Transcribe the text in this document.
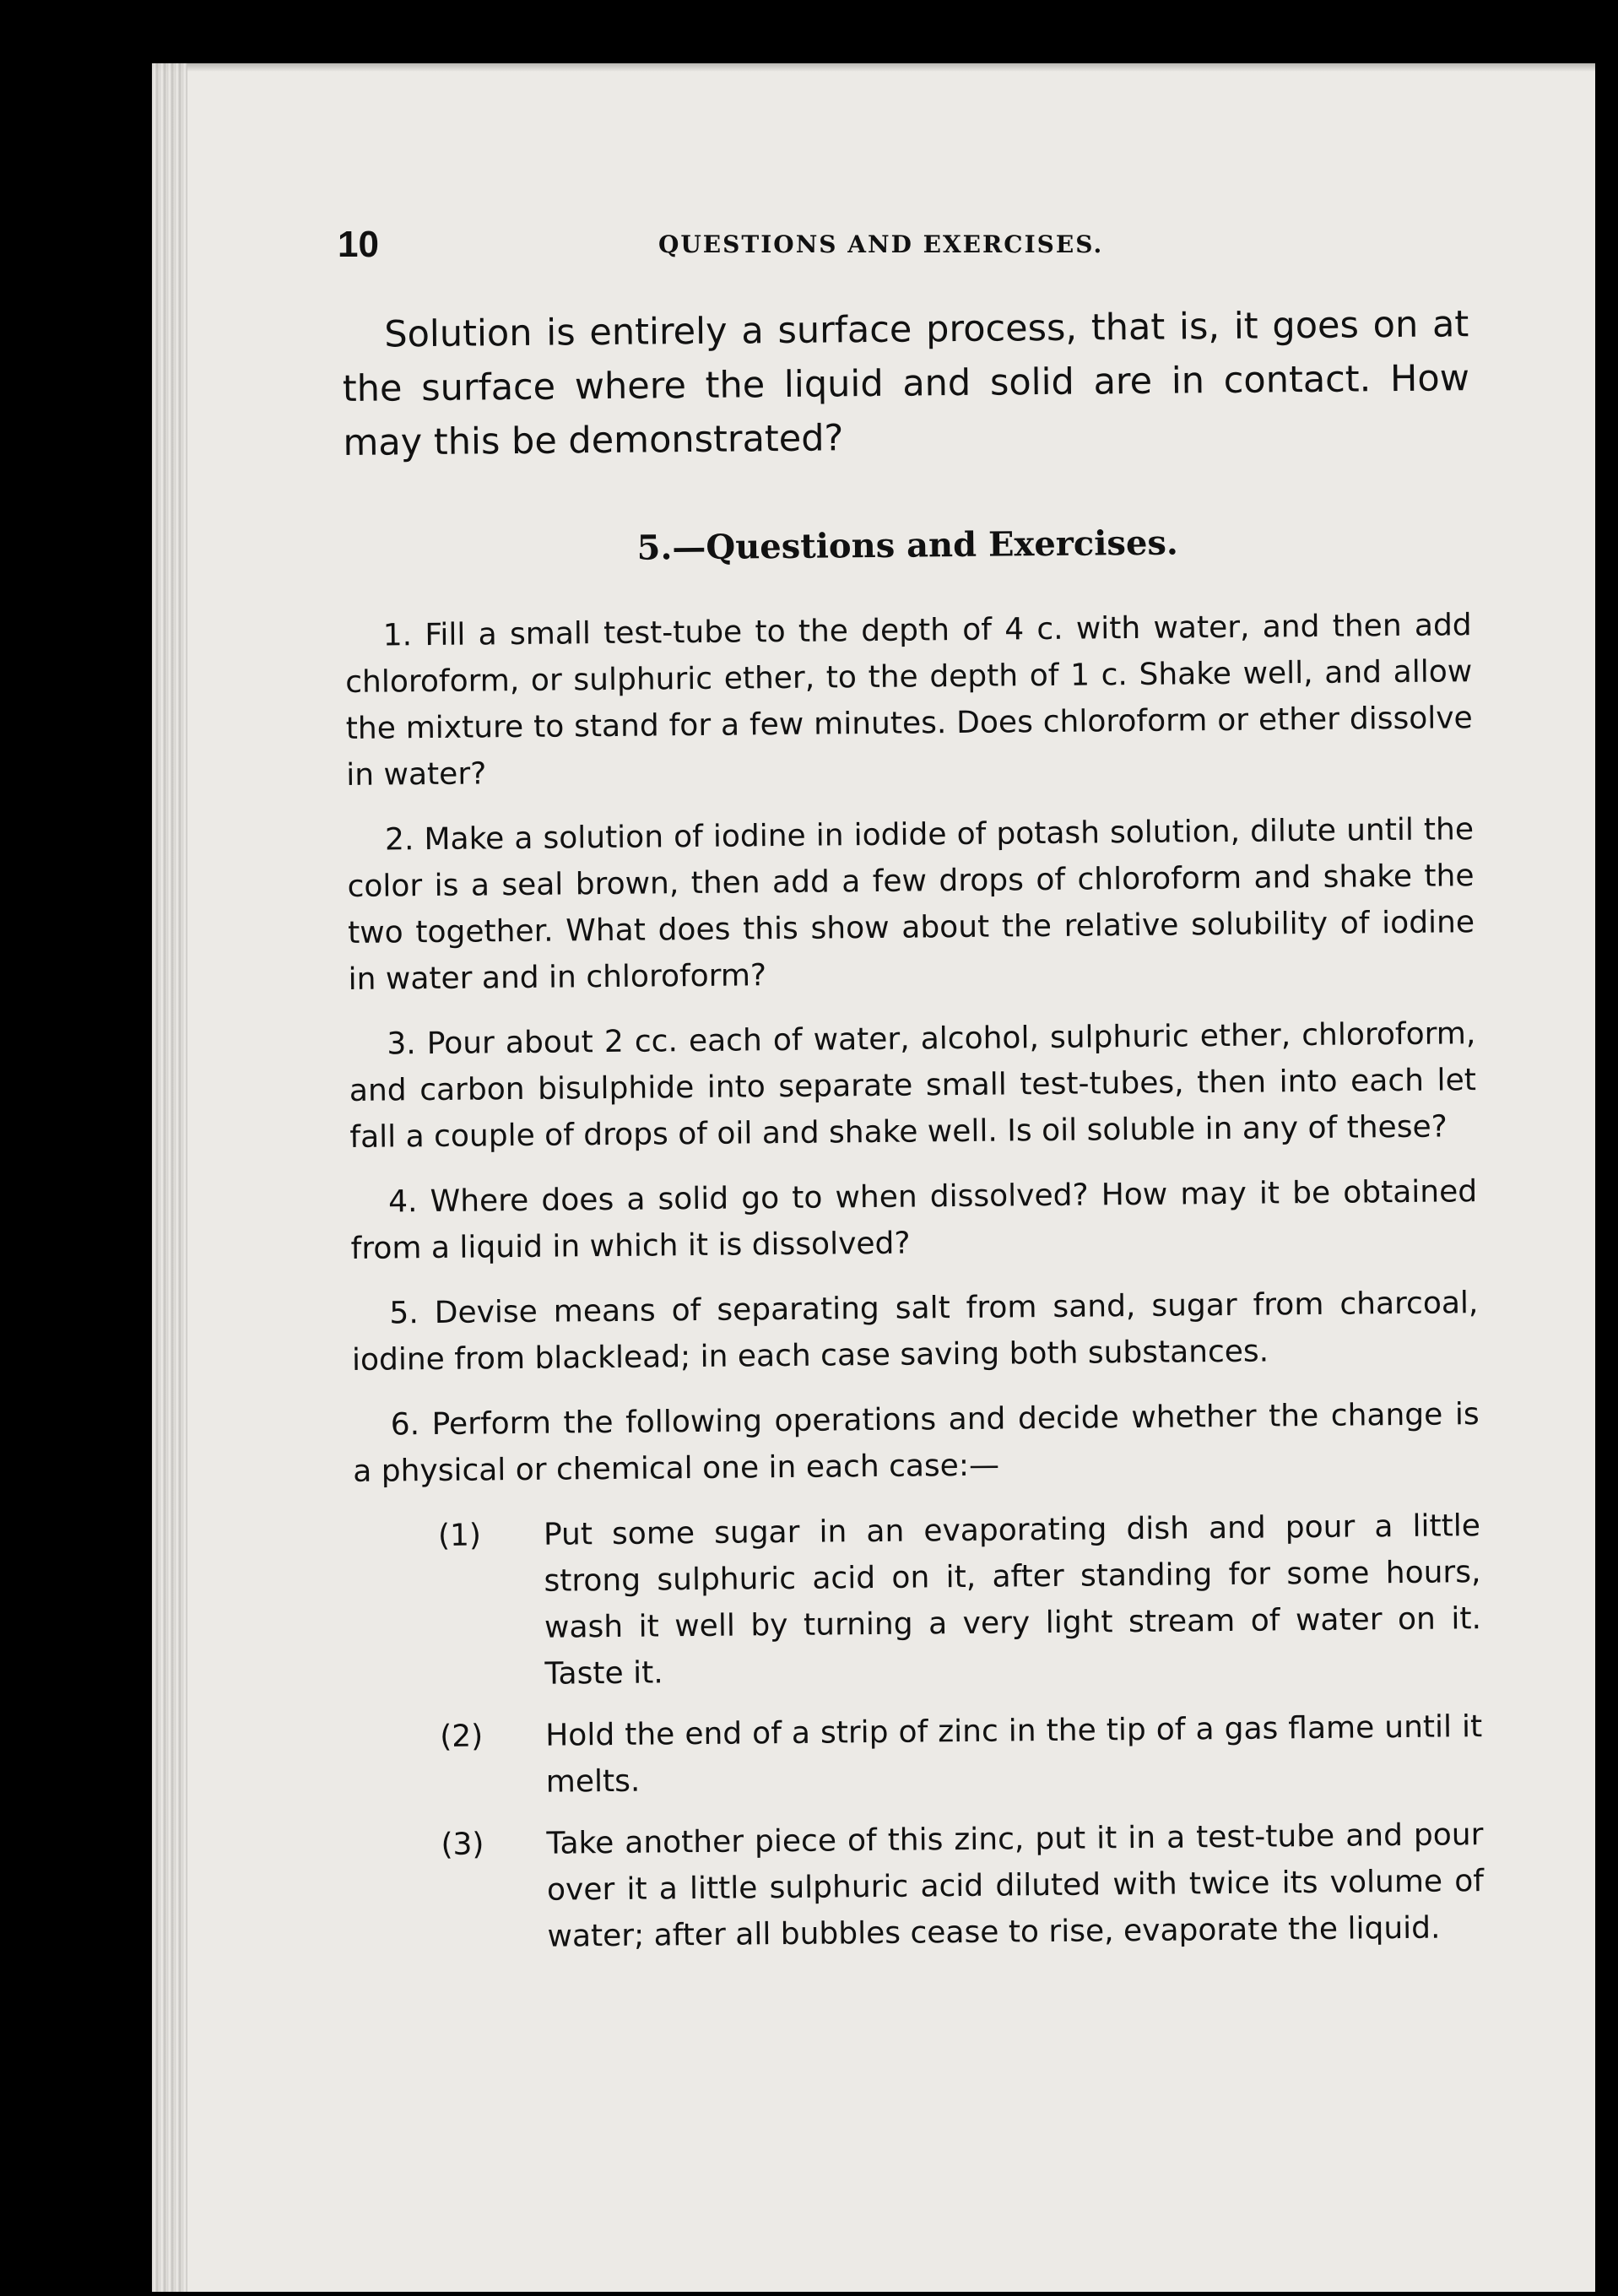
10	QUESTIONS AND EXERCISES.

Solution is entirely a surface process, that is, it goes on at the surface where the liquid and solid are in contact. How may this be demonstrated?

5.—Questions and Exercises.

1. Fill a small test-tube to the depth of 4 c. with water, and then add chloroform, or sulphuric ether, to the depth of 1 c. Shake well, and allow the mixture to stand for a few minutes. Does chloroform or ether dissolve in water?

2. Make a solution of iodine in iodide of potash solution, dilute until the color is a seal brown, then add a few drops of chloroform and shake the two together. What does this show about the relative solubility of iodine in water and in chloroform?

3. Pour about 2 cc. each of water, alcohol, sulphuric ether, chloroform, and carbon bisulphide into separate small test-tubes, then into each let fall a couple of drops of oil and shake well. Is oil soluble in any of these?

4. Where does a solid go to when dissolved? How may it be obtained from a liquid in which it is dissolved?

5. Devise means of separating salt from sand, sugar from charcoal, iodine from blacklead; in each case saving both substances.

6. Perform the following operations and decide whether the change is a physical or chemical one in each case:—

(1) Put some sugar in an evaporating dish and pour a little strong sulphuric acid on it, after standing for some hours, wash it well by turning a very light stream of water on it. Taste it.

(2) Hold the end of a strip of zinc in the tip of a gas flame until it melts.

(3) Take another piece of this zinc, put it in a test-tube and pour over it a little sulphuric acid diluted with twice its volume of water; after all bubbles cease to rise, evaporate the liquid.
